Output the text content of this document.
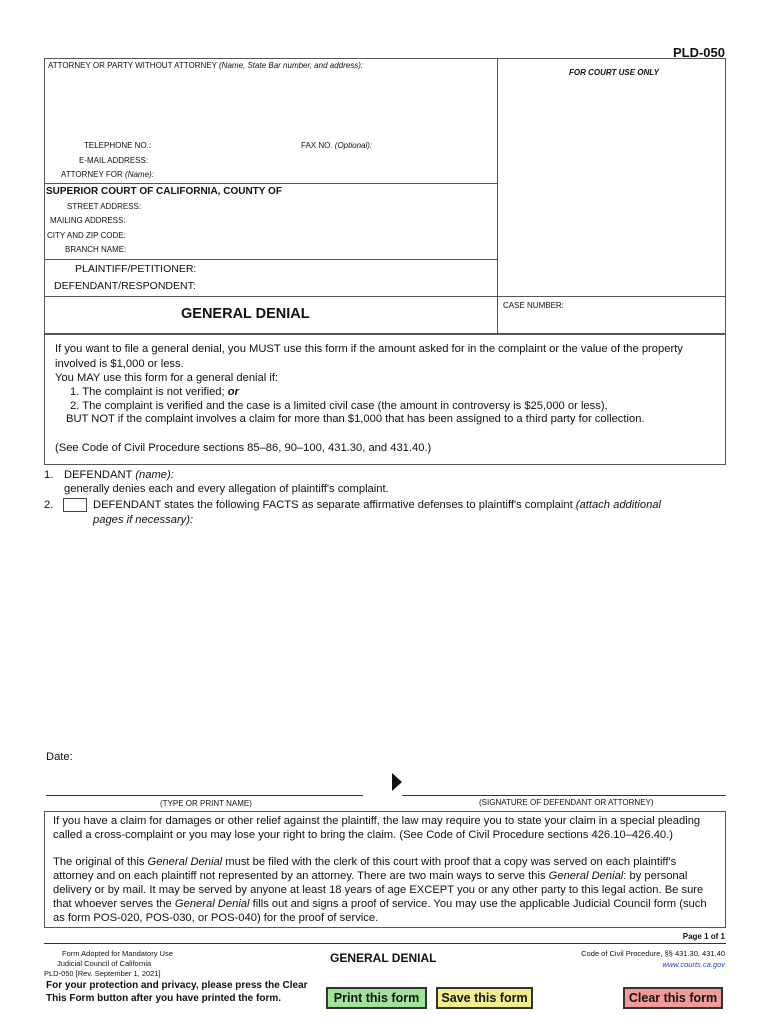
PLD-050
ATTORNEY OR PARTY WITHOUT ATTORNEY (Name, State Bar number, and address):
FOR COURT USE ONLY
TELEPHONE NO.:	FAX NO. (Optional):
E-MAIL ADDRESS:
ATTORNEY FOR (Name):
SUPERIOR COURT OF CALIFORNIA, COUNTY OF
STREET ADDRESS:
MAILING ADDRESS:
CITY AND ZIP CODE:
BRANCH NAME:
PLAINTIFF/PETITIONER:
DEFENDANT/RESPONDENT:
GENERAL DENIAL
CASE NUMBER:
If you want to file a general denial, you MUST use this form if the amount asked for in the complaint or the value of the property
involved is $1,000 or less.
You MAY use this form for a general denial if:
1. The complaint is not verified; or
2. The complaint is verified and the case is a limited civil case (the amount in controversy is $25,000 or less),
BUT NOT if the complaint involves a claim for more than $1,000 that has been assigned to a third party for collection.
(See Code of Civil Procedure sections 85–86, 90–100, 431.30, and 431.40.)
1. DEFENDANT (name):
generally denies each and every allegation of plaintiff's complaint.
2.	DEFENDANT states the following FACTS as separate affirmative defenses to plaintiff's complaint (attach additional
pages if necessary):
Date:
(TYPE OR PRINT NAME)	(SIGNATURE OF DEFENDANT OR ATTORNEY)
If you have a claim for damages or other relief against the plaintiff, the law may require you to state your claim in a special pleading
called a cross-complaint or you may lose your right to bring the claim. (See Code of Civil Procedure sections 426.10–426.40.)
The original of this General Denial must be filed with the clerk of this court with proof that a copy was served on each plaintiff's
attorney and on each plaintiff not represented by an attorney. There are two main ways to serve this General Denial: by personal
delivery or by mail. It may be served by anyone at least 18 years of age EXCEPT you or any other party to this legal action. Be sure
that whoever serves the General Denial fills out and signs a proof of service. You may use the applicable Judicial Council form (such
as form POS-020, POS-030, or POS-040) for the proof of service.
Page 1 of 1
Form Adopted for Mandatory Use
Judicial Council of California
PLD-050 [Rev. September 1, 2021]
GENERAL DENIAL	Code of Civil Procedure, §§ 431.30, 431.40
www.courts.ca.gov
For your protection and privacy, please press the Clear
This Form button after you have printed the form.	Print this form	Save this form	Clear this form
